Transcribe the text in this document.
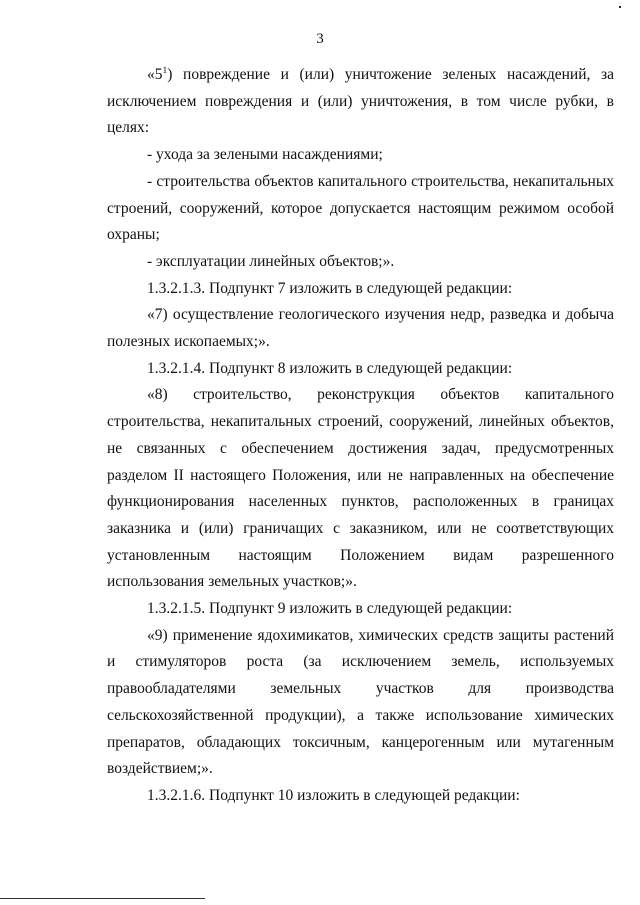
3

«$5^1$) повреждение и (или) уничтожение зеленых насаждений, за исключением повреждения и (или) уничтожения, в том числе рубки, в целях:

- ухода за зелеными насаждениями;

- строительства объектов капитального строительства, некапитальных строений, сооружений, которое допускается настоящим режимом особой охраны;

- эксплуатации линейных объектов;».

1.3.2.1.3. Подпункт 7 изложить в следующей редакции:

«7) осуществление геологического изучения недр, разведка и добыча полезных ископаемых;».

1.3.2.1.4. Подпункт 8 изложить в следующей редакции:

«8) строительство, реконструкция объектов капитального строительства, некапитальных строений, сооружений, линейных объектов, не связанных с обеспечением достижения задач, предусмотренных разделом II настоящего Положения, или не направленных на обеспечение функционирования населенных пунктов, расположенных в границах заказника и (или) граничащих с заказником, или не соответствующих установленным настоящим Положением видам разрешенного использования земельных участков;».

1.3.2.1.5. Подпункт 9 изложить в следующей редакции:

«9) применение ядохимикатов, химических средств защиты растений и стимуляторов роста (за исключением земель, используемых правообладателями земельных участков для производства сельскохозяйственной продукции), а также использование химических препаратов, обладающих токсичным, канцерогенным или мутагенным воздействием;».

1.3.2.1.6. Подпункт 10 изложить в следующей редакции:
